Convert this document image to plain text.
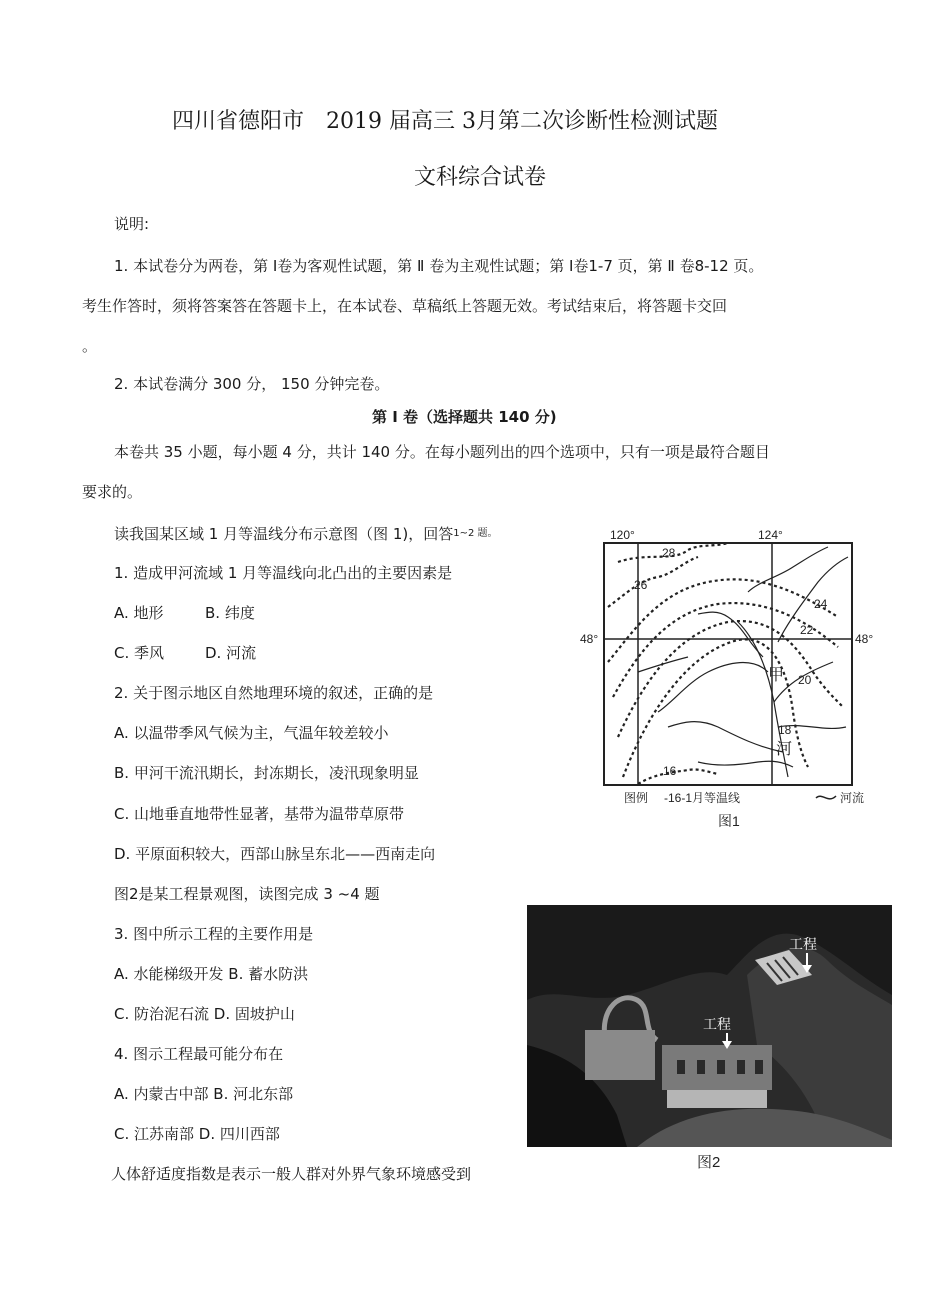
四川省德阳市　2019 届高三 3月第二次诊断性检测试题
文科综合试卷
说明:
1. 本试卷分为两卷，第 Ⅰ卷为客观性试题，第 Ⅱ 卷为主观性试题；第 Ⅰ卷1-7 页，第 Ⅱ 卷8-12 页。
考生作答时，须将答案答在答题卡上，在本试卷、草稿纸上答题无效。考试结束后，将答题卡交回
。
2. 本试卷满分 300 分， 150 分钟完卷。
第 Ⅰ 卷（选择题共 140 分)
本卷共 35 小题，每小题 4 分，共计 140 分。在每小题列出的四个选项中，只有一项是最符合题目
要求的。
读我国某区域 1 月等温线分布示意图（图 1)，回答$^{1\sim 2 题。}$
1. 造成甲河流域 1 月等温线向北凸出的主要因素是
A. 地形	B. 纬度
C. 季风	D. 河流
2. 关于图示地区自然地理环境的叙述，正确的是
A. 以温带季风气候为主，气温年较差较小
B. 甲河干流汛期长，封冻期长，凌汛现象明显
C. 山地垂直地带性显著，基带为温带草原带
D. 平原面积较大，西部山脉呈东北——西南走向
图2是某工程景观图，读图完成 3 ~4 题
3. 图中所示工程的主要作用是
A. 水能梯级开发 B. 蓄水防洪
C. 防治泥石流 D. 固坡护山
4. 图示工程最可能分布在
A. 内蒙古中部 B. 河北东部
C. 江苏南部 D. 四川西部
人体舒适度指数是表示一般人群对外界气象环境感受到
28
26
24
22
20
18
16
甲
河
120°	124°
48°	48°
图例 -16-1月等温线	河流
图1
工程
工程
图2
